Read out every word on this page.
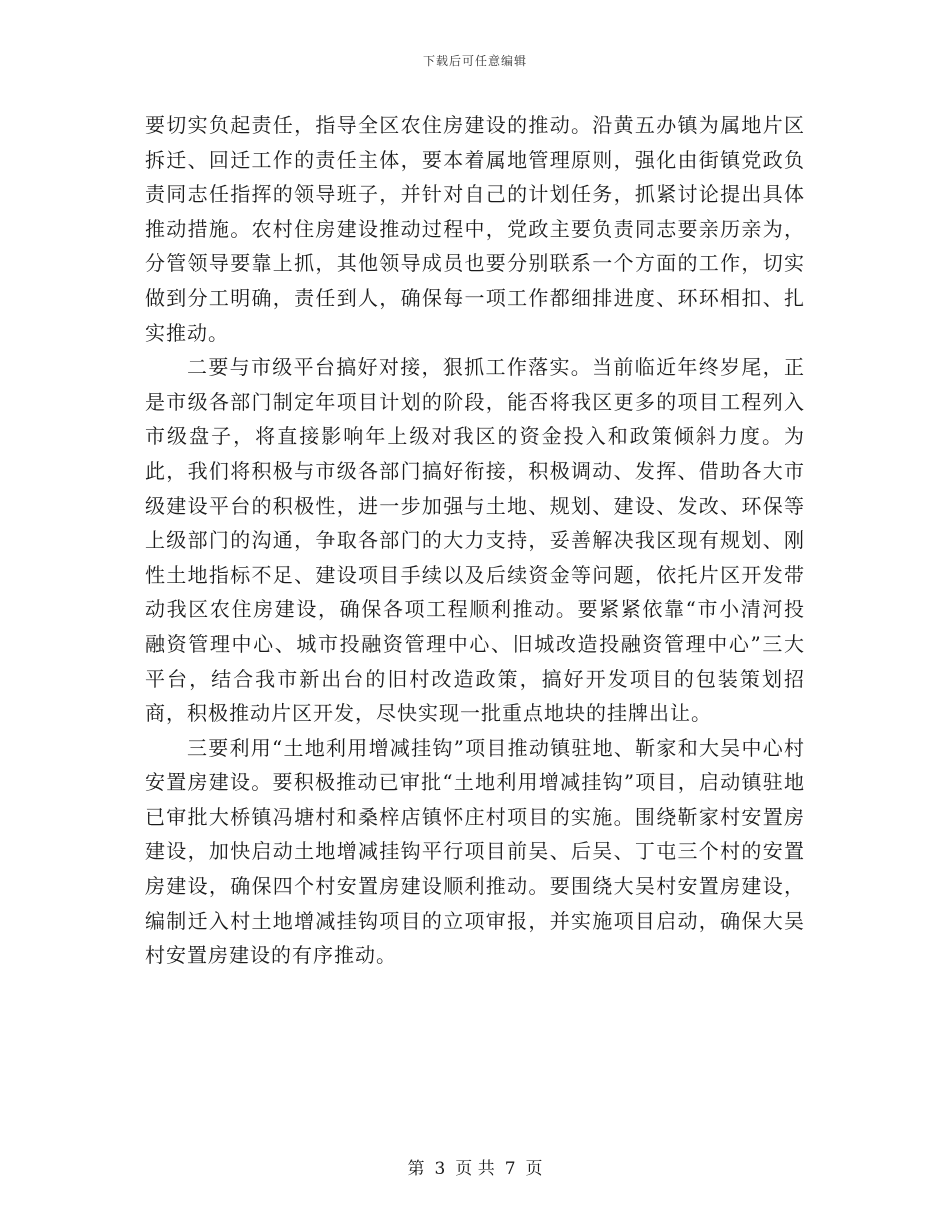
下载后可任意编辑

要切实负起责任，指导全区农住房建设的推动。沿黄五办镇为属地片区拆迁、回迁工作的责任主体，要本着属地管理原则，强化由街镇党政负责同志任指挥的领导班子，并针对自己的计划任务，抓紧讨论提出具体推动措施。农村住房建设推动过程中，党政主要负责同志要亲历亲为，分管领导要靠上抓，其他领导成员也要分别联系一个方面的工作，切实做到分工明确，责任到人，确保每一项工作都细排进度、环环相扣、扎实推动。

二要与市级平台搞好对接，狠抓工作落实。当前临近年终岁尾，正是市级各部门制定年项目计划的阶段，能否将我区更多的项目工程列入市级盘子，将直接影响年上级对我区的资金投入和政策倾斜力度。为此，我们将积极与市级各部门搞好衔接，积极调动、发挥、借助各大市级建设平台的积极性，进一步加强与土地、规划、建设、发改、环保等上级部门的沟通，争取各部门的大力支持，妥善解决我区现有规划、刚性土地指标不足、建设项目手续以及后续资金等问题，依托片区开发带动我区农住房建设，确保各项工程顺利推动。要紧紧依靠“市小清河投融资管理中心、城市投融资管理中心、旧城改造投融资管理中心”三大平台，结合我市新出台的旧村改造政策，搞好开发项目的包装策划招商，积极推动片区开发，尽快实现一批重点地块的挂牌出让。

三要利用“土地利用增减挂钩”项目推动镇驻地、靳家和大吴中心村安置房建设。要积极推动已审批“土地利用增减挂钩”项目，启动镇驻地已审批大桥镇冯塘村和桑梓店镇怀庄村项目的实施。围绕靳家村安置房建设，加快启动土地增减挂钩平行项目前吴、后吴、丁屯三个村的安置房建设，确保四个村安置房建设顺利推动。要围绕大吴村安置房建设，编制迁入村土地增减挂钩项目的立项审报，并实施项目启动，确保大吴村安置房建设的有序推动。

第 3 页 共 7 页
